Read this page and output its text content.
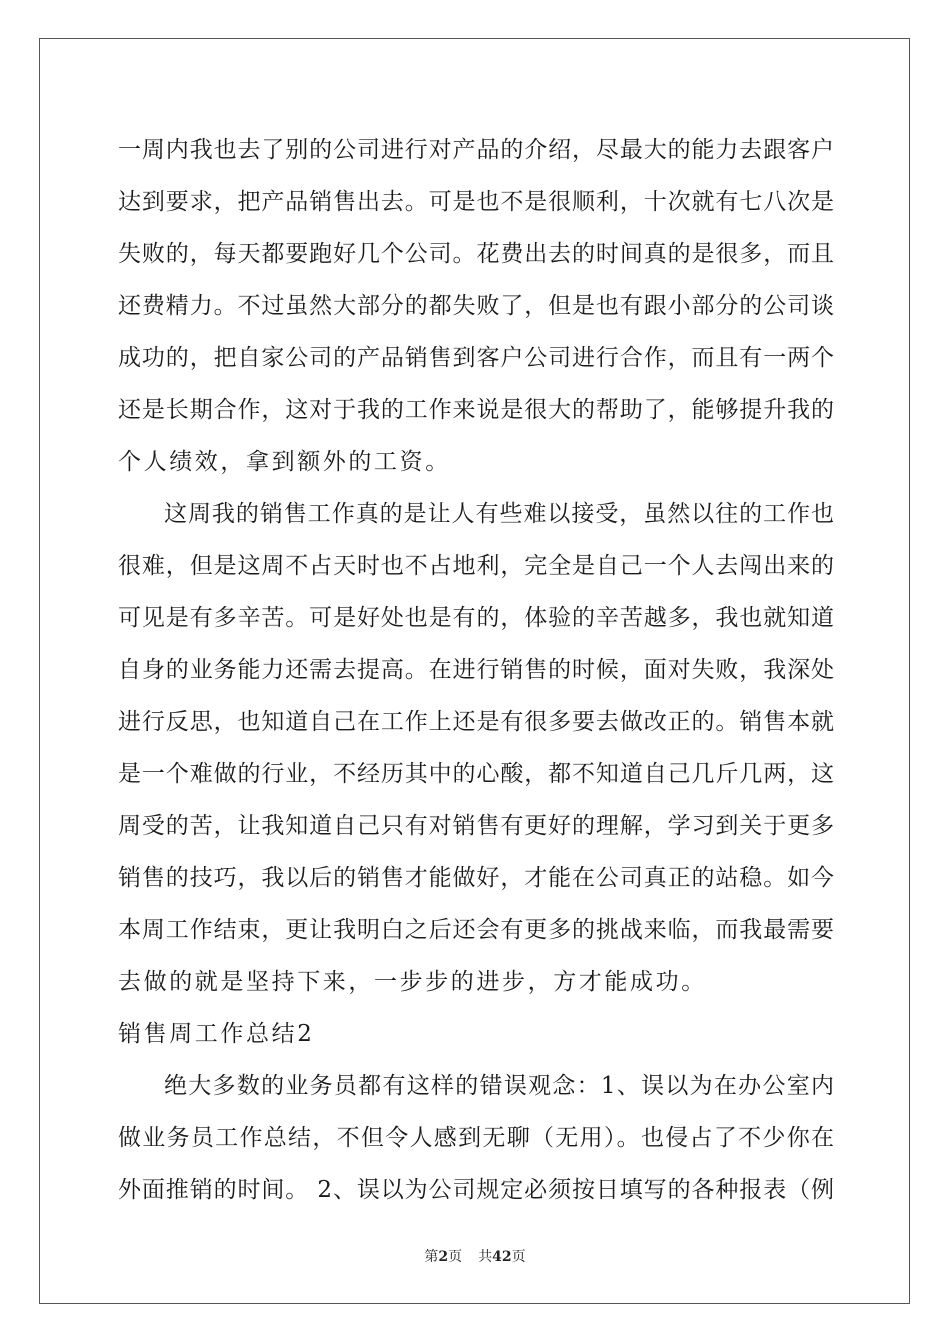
一周内我也去了别的公司进行对产品的介绍，尽最大的能力去跟客户
达到要求，把产品销售出去。可是也不是很顺利，十次就有七八次是
失败的，每天都要跑好几个公司。花费出去的时间真的是很多，而且
还费精力。不过虽然大部分的都失败了，但是也有跟小部分的公司谈
成功的，把自家公司的产品销售到客户公司进行合作，而且有一两个
还是长期合作，这对于我的工作来说是很大的帮助了，能够提升我的
个人绩效，拿到额外的工资。
这周我的销售工作真的是让人有些难以接受，虽然以往的工作也
很难，但是这周不占天时也不占地利，完全是自己一个人去闯出来的
可见是有多辛苦。可是好处也是有的，体验的辛苦越多，我也就知道
自身的业务能力还需去提高。在进行销售的时候，面对失败，我深处
进行反思，也知道自己在工作上还是有很多要去做改正的。销售本就
是一个难做的行业，不经历其中的心酸，都不知道自己几斤几两，这
周受的苦，让我知道自己只有对销售有更好的理解，学习到关于更多
销售的技巧，我以后的销售才能做好，才能在公司真正的站稳。如今
本周工作结束，更让我明白之后还会有更多的挑战来临，而我最需要
去做的就是坚持下来，一步步的进步，方才能成功。
销售周工作总结2
绝大多数的业务员都有这样的错误观念：1、误以为在办公室内
做业务员工作总结，不但令人感到无聊（无用）。也侵占了不少你在
外面推销的时间。 2、误以为公司规定必须按日填写的各种报表（例
第2页 共42页
